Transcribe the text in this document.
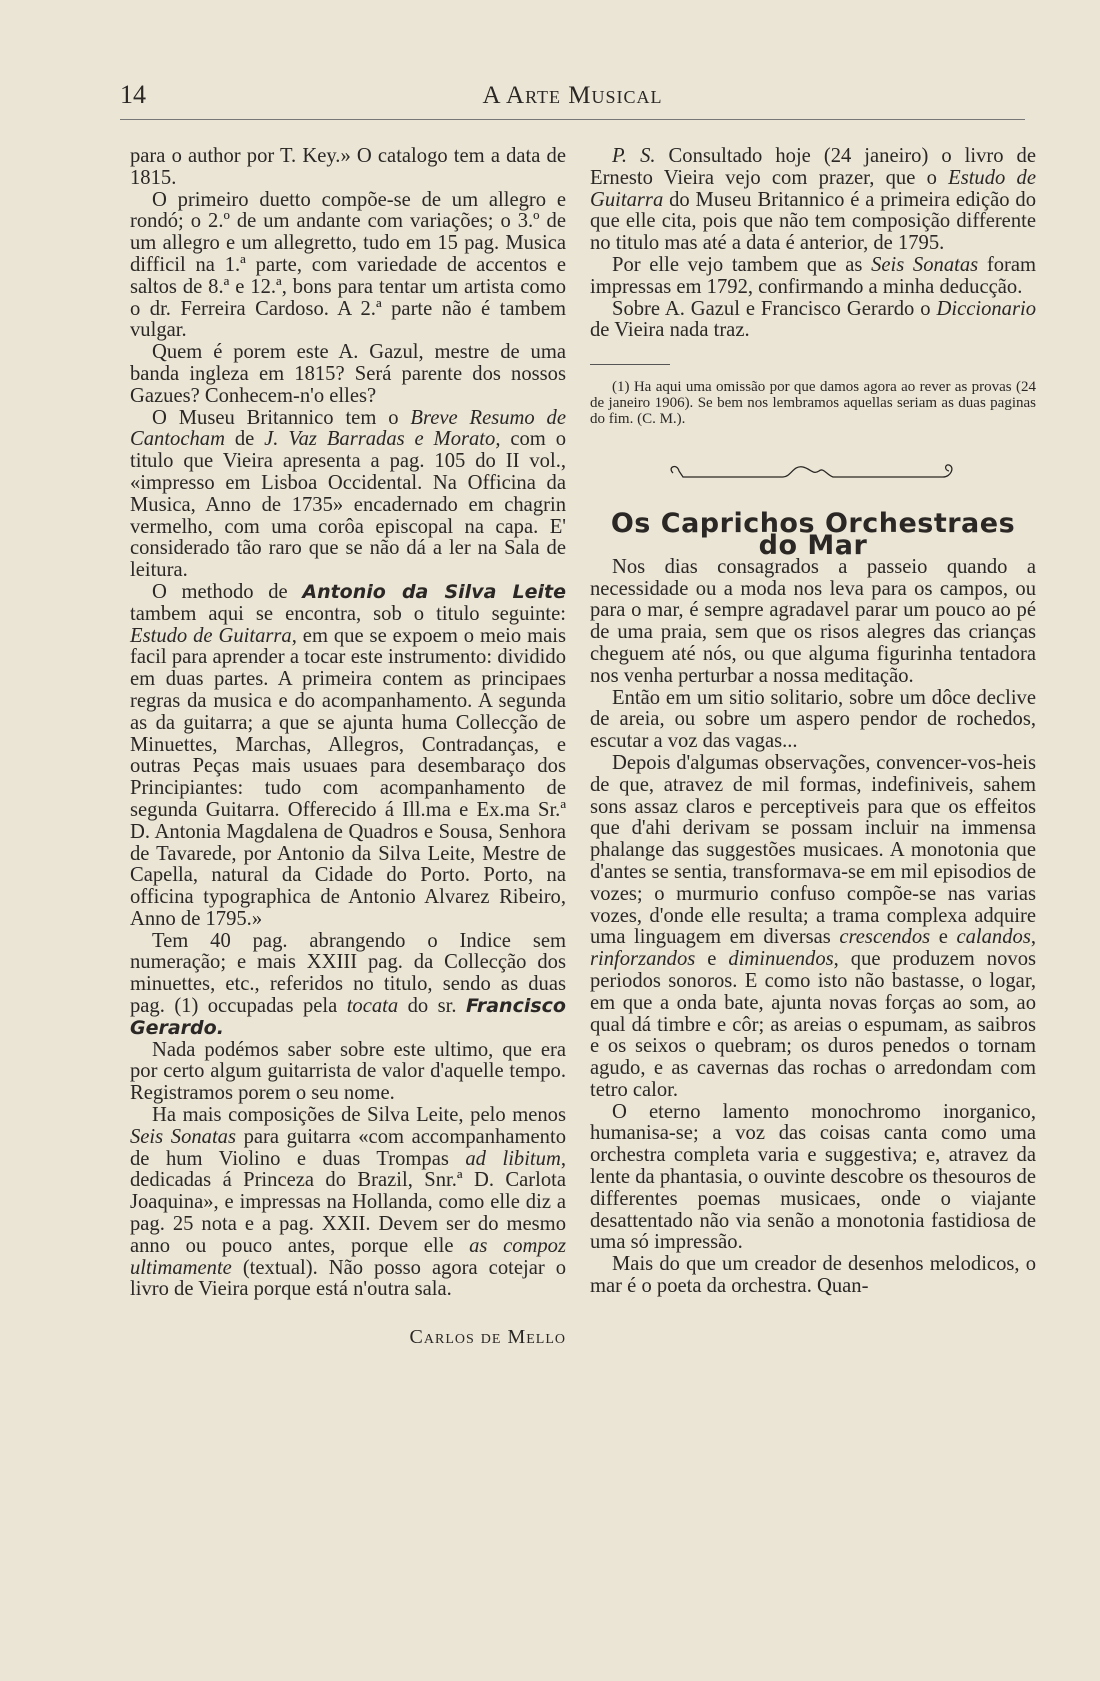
14	A Arte Musical

para o author por T. Key.» O catalogo tem a data de 1815.

O primeiro duetto compõe-se de um allegro e rondó; o 2.º de um andante com variações; o 3.º de um allegro e um allegretto, tudo em 15 pag. Musica difficil na 1.ª parte, com variedade de accentos e saltos de 8.ª e 12.ª, bons para tentar um artista como o dr. Ferreira Cardoso. A 2.ª parte não é tambem vulgar.

Quem é porem este A. Gazul, mestre de uma banda ingleza em 1815? Será parente dos nossos Gazues? Conhecem-n'o elles?

O Museu Britannico tem o Breve Resumo de Cantocham de J. Vaz Barradas e Morato, com o titulo que Vieira apresenta a pag. 105 do II vol., «impresso em Lisboa Occidental. Na Officina da Musica, Anno de 1735» encadernado em chagrin vermelho, com uma corôa episcopal na capa. E' considerado tão raro que se não dá a ler na Sala de leitura.

O methodo de Antonio da Silva Leite tambem aqui se encontra, sob o titulo seguinte: Estudo de Guitarra, em que se expoem o meio mais facil para aprender a tocar este instrumento: dividido em duas partes. A primeira contem as principaes regras da musica e do acompanhamento. A segunda as da guitarra; a que se ajunta huma Collecção de Minuettes, Marchas, Allegros, Contradanças, e outras Peças mais usuaes para desembaraço dos Principiantes: tudo com acompanhamento de segunda Guitarra. Offerecido á Ill.ma e Ex.ma Sr.ª D. Antonia Magdalena de Quadros e Sousa, Senhora de Tavarede, por Antonio da Silva Leite, Mestre de Capella, natural da Cidade do Porto. Porto, na officina typographica de Antonio Alvarez Ribeiro, Anno de 1795.»

Tem 40 pag. abrangendo o Indice sem numeração; e mais XXIII pag. da Collecção dos minuettes, etc., referidos no titulo, sendo as duas pag. (1) occupadas pela tocata do sr. Francisco Gerardo.

Nada podémos saber sobre este ultimo, que era por certo algum guitarrista de valor d'aquelle tempo. Registramos porem o seu nome.

Ha mais composições de Silva Leite, pelo menos Seis Sonatas para guitarra «com accompanhamento de hum Violino e duas Trompas ad libitum, dedicadas á Princeza do Brazil, Snr.ª D. Carlota Joaquina», e impressas na Hollanda, como elle diz a pag. 25 nota e a pag. XXII. Devem ser do mesmo anno ou pouco antes, porque elle as compoz ultimamente (textual). Não posso agora cotejar o livro de Vieira porque está n'outra sala.

Carlos de Mello

P. S. Consultado hoje (24 janeiro) o livro de Ernesto Vieira vejo com prazer, que o Estudo de Guitarra do Museu Britannico é a primeira edição do que elle cita, pois que não tem composição differente no titulo mas até a data é anterior, de 1795.

Por elle vejo tambem que as Seis Sonatas foram impressas em 1792, confirmando a minha deducção.

Sobre A. Gazul e Francisco Gerardo o Diccionario de Vieira nada traz.

(1) Ha aqui uma omissão por que damos agora ao rever as provas (24 de janeiro 1906). Se bem nos lembramos aquellas seriam as duas paginas do fim. (C. M.).

Os Caprichos Orchestraes do Mar

Nos dias consagrados a passeio quando a necessidade ou a moda nos leva para os campos, ou para o mar, é sempre agradavel parar um pouco ao pé de uma praia, sem que os risos alegres das crianças cheguem até nós, ou que alguma figurinha tentadora nos venha perturbar a nossa meditação.

Então em um sitio solitario, sobre um dôce declive de areia, ou sobre um aspero pendor de rochedos, escutar a voz das vagas...

Depois d'algumas observações, convencer-vos-heis de que, atravez de mil formas, indefiniveis, sahem sons assaz claros e perceptiveis para que os effeitos que d'ahi derivam se possam incluir na immensa phalange das suggestões musicaes. A monotonia que d'antes se sentia, transformava-se em mil episodios de vozes; o murmurio confuso compõe-se nas varias vozes, d'onde elle resulta; a trama complexa adquire uma linguagem em diversas crescendos e calandos, rinforzandos e diminuendos, que produzem novos periodos sonoros. E como isto não bastasse, o logar, em que a onda bate, ajunta novas forças ao som, ao qual dá timbre e côr; as areias o espumam, as saibros e os seixos o quebram; os duros penedos o tornam agudo, e as cavernas das rochas o arredondam com tetro calor.

O eterno lamento monochromo inorganico, humanisa-se; a voz das coisas canta como uma orchestra completa varia e suggestiva; e, atravez da lente da phantasia, o ouvinte descobre os thesouros de differentes poemas musicaes, onde o viajante desattentado não via senão a monotonia fastidiosa de uma só impressão.

Mais do que um creador de desenhos melodicos, o mar é o poeta da orchestra. Quan-
